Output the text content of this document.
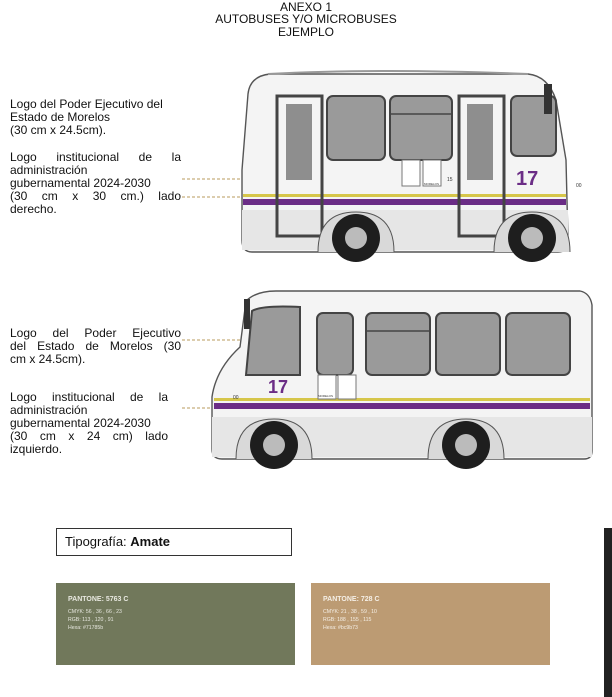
ANEXO 1
AUTOBUSES Y/O MICROBUSES
EJEMPLO
Logo del Poder Ejecutivo del
Estado de Morelos
(30 cm x 24.5cm).
Logo institucional de la
administración
gubernamental 2024-2030
(30 cm x 30 cm.) lado
derecho.
17
15
MORELOS	00
Logo del Poder Ejecutivo
del Estado de Morelos (30
cm x 24.5cm).
Logo institucional de la
administración
gubernamental 2024-2030
(30 cm x 24 cm) lado
izquierdo.
17	MORELOS
00
Tipografía: Amate
PANTONE: 5763 C
CMYK: 56 , 36 , 66 , 23
RGB: 113 , 120 , 91
Hexa: #71785b
PANTONE: 728 C
CMYK: 21 , 38 , 59 , 10
RGB: 188 , 155 , 115
Hexa: #bc9b73
